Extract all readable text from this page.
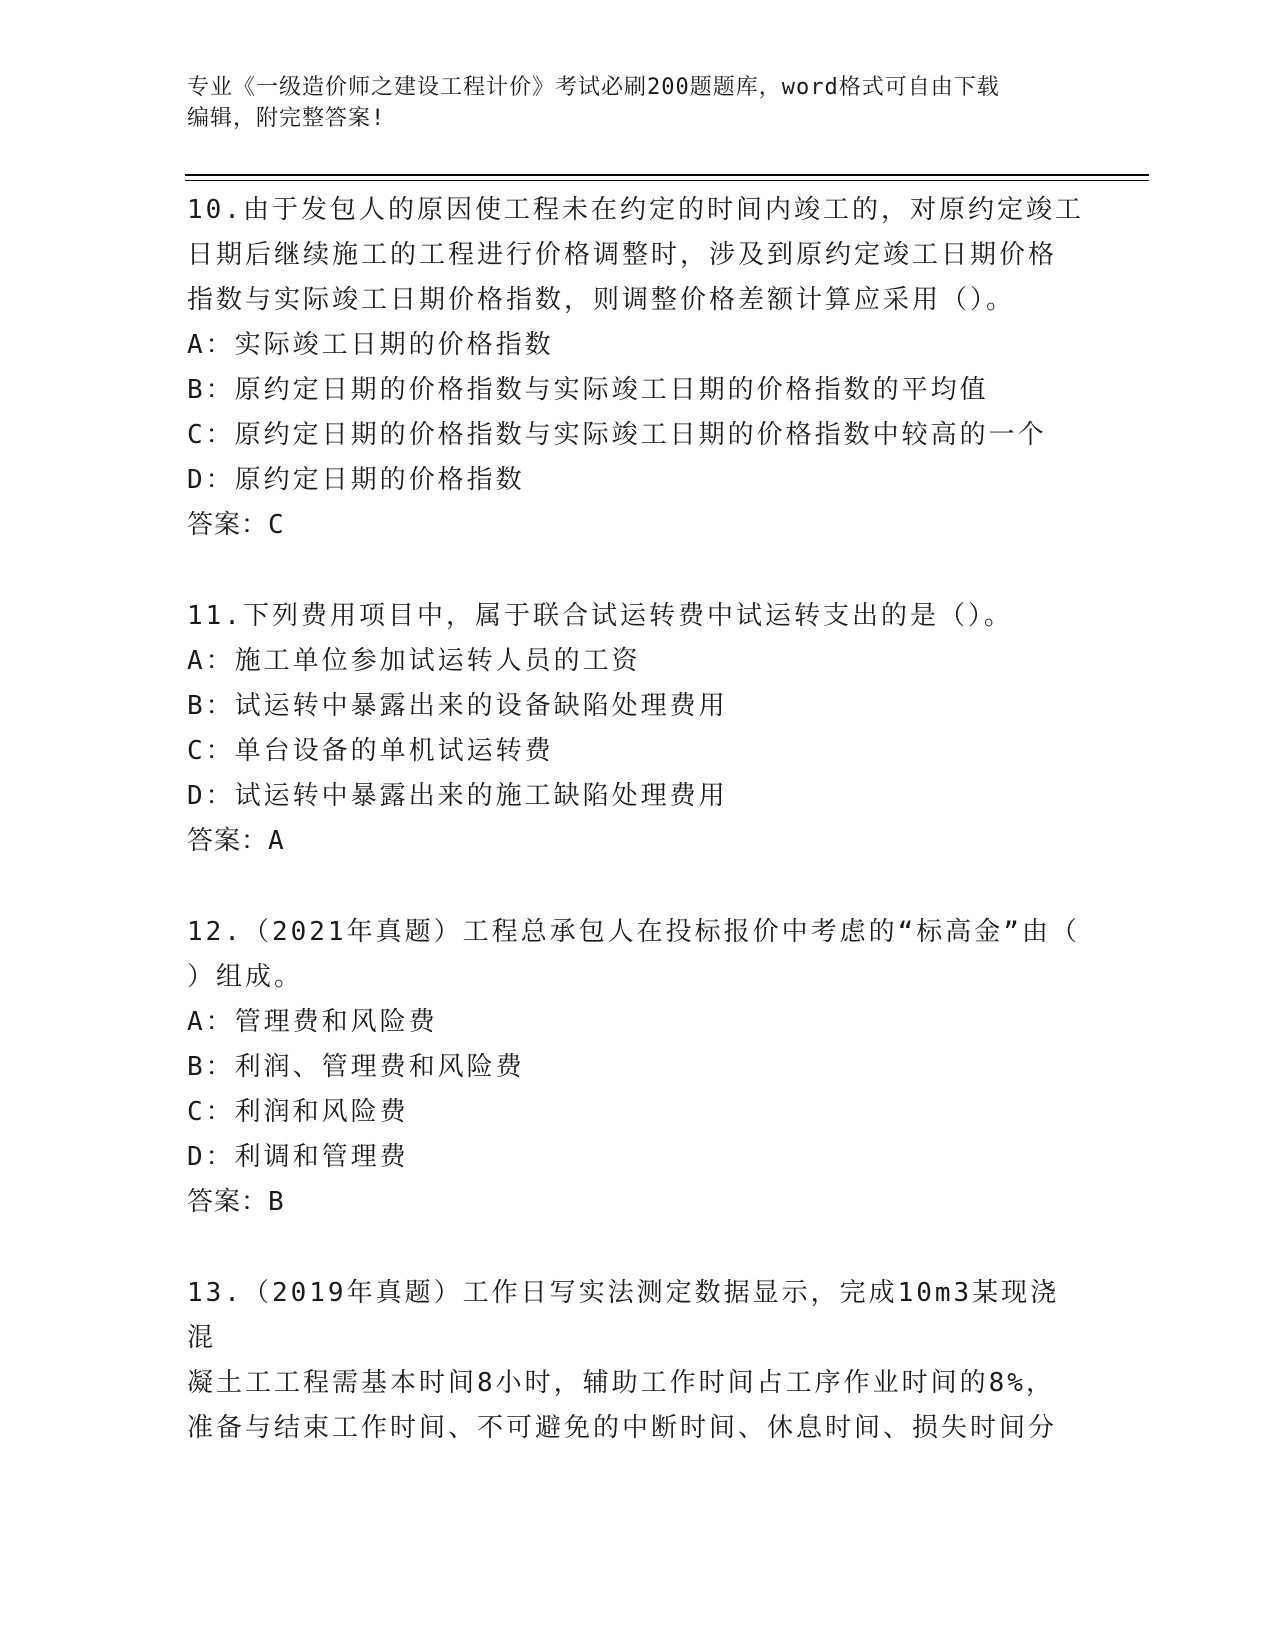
专业《一级造价师之建设工程计价》考试必刷200题题库，word格式可自由下载
编辑，附完整答案!
10.由于发包人的原因使工程未在约定的时间内竣工的，对原约定竣工
日期后继续施工的工程进行价格调整时，涉及到原约定竣工日期价格
指数与实际竣工日期价格指数，则调整价格差额计算应采用（）。
A：实际竣工日期的价格指数
B：原约定日期的价格指数与实际竣工日期的价格指数的平均值
C：原约定日期的价格指数与实际竣工日期的价格指数中较高的一个
D：原约定日期的价格指数
答案：C
11.下列费用项目中，属于联合试运转费中试运转支出的是（）。
A：施工单位参加试运转人员的工资
B：试运转中暴露出来的设备缺陷处理费用
C：单台设备的单机试运转费
D：试运转中暴露出来的施工缺陷处理费用
答案：A
12.（2021年真题）工程总承包人在投标报价中考虑的“标高金”由（
）组成。
A：管理费和风险费
B：利润、管理费和风险费
C：利润和风险费
D：利调和管理费
答案：B
13.（2019年真题）工作日写实法测定数据显示，完成10m3某现浇混
凝土工工程需基本时间8小时，辅助工作时间占工序作业时间的8%，
准备与结束工作时间、不可避免的中断时间、休息时间、损失时间分
